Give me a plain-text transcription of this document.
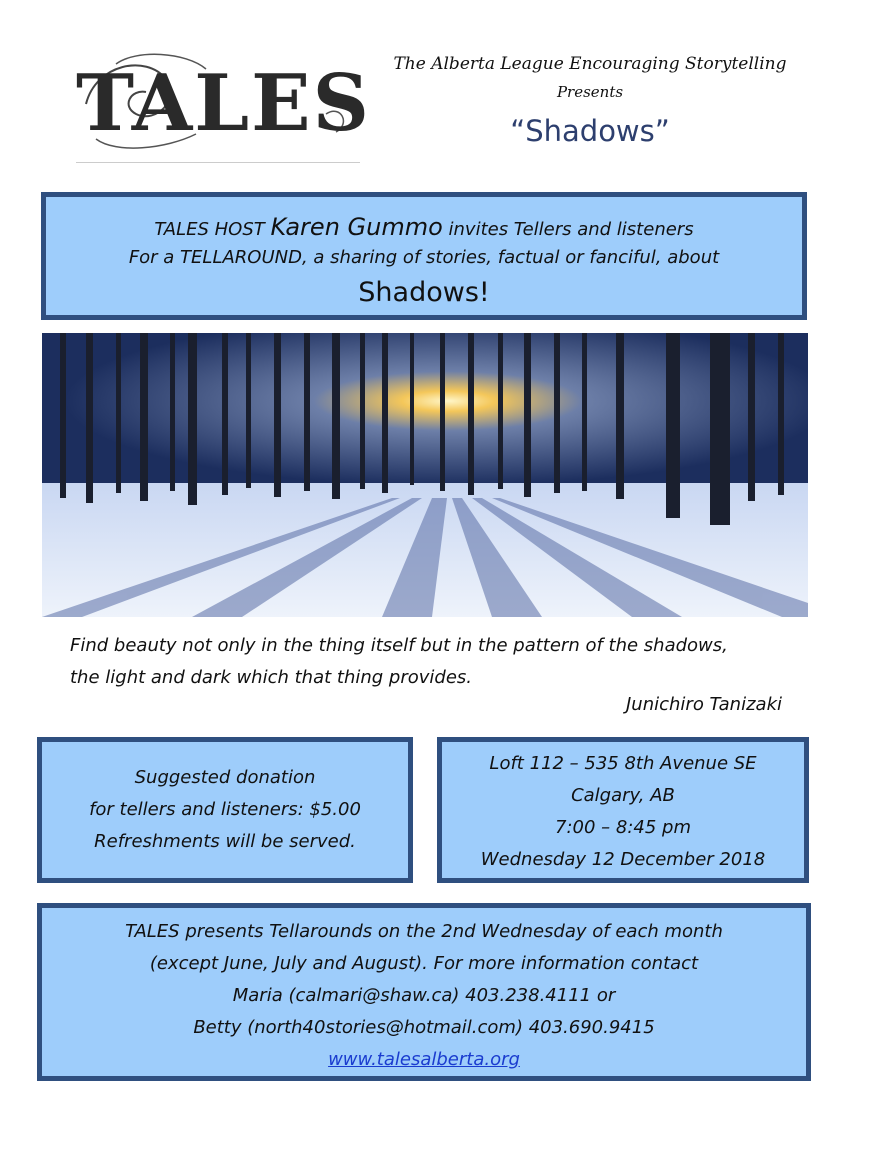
TALES	The Alberta League Encouraging Storytelling
Presents
“Shadows”
TALES HOST Karen Gummo invites Tellers and listeners
For a TELLAROUND, a sharing of stories, factual or fanciful, about
Shadows!
Find beauty not only in the thing itself but in the pattern of the shadows,
the light and dark which that thing provides.
Junichiro Tanizaki
Suggested donation
for tellers and listeners: $5.00
Refreshments will be served.
Loft 112 – 535 8th Avenue SE
Calgary, AB
7:00 – 8:45 pm
Wednesday 12 December 2018
TALES presents Tellarounds on the 2nd Wednesday of each month
(except June, July and August). For more information contact
Maria (calmari@shaw.ca) 403.238.4111 or
Betty (north40stories@hotmail.com) 403.690.9415
www.talesalberta.org
